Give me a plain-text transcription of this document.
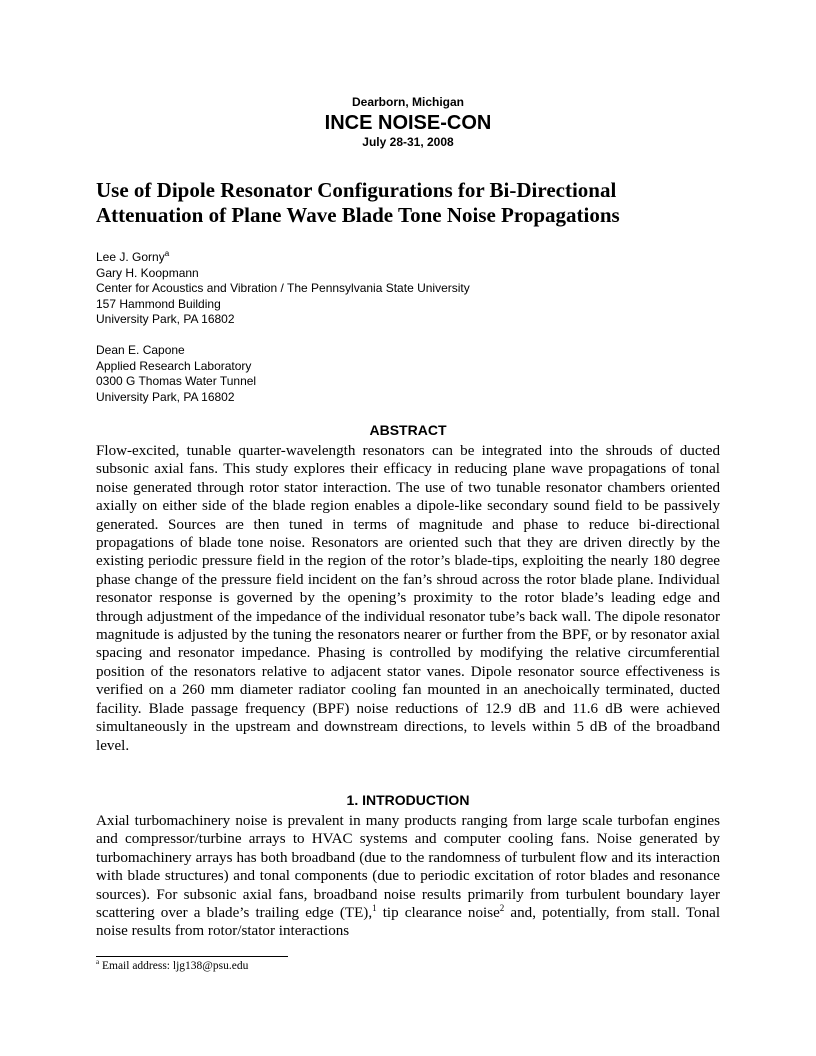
Dearborn, Michigan
INCE NOISE-CON
July 28-31, 2008
Use of Dipole Resonator Configurations for Bi-Directional
Attenuation of Plane Wave Blade Tone Noise Propagations
Lee J. Gorny$^a$
Gary H. Koopmann
Center for Acoustics and Vibration / The Pennsylvania State University
157 Hammond Building
University Park, PA 16802
Dean E. Capone
Applied Research Laboratory
0300 G Thomas Water Tunnel
University Park, PA 16802
ABSTRACT
Flow-excited, tunable quarter-wavelength resonators can be integrated into the shrouds of ducted subsonic axial fans. This study explores their efficacy in reducing plane wave propagations of tonal noise generated through rotor stator interaction. The use of two tunable resonator chambers oriented axially on either side of the blade region enables a dipole-like secondary sound field to be passively generated. Sources are then tuned in terms of magnitude and phase to reduce bi-directional propagations of blade tone noise. Resonators are oriented such that they are driven directly by the existing periodic pressure field in the region of the rotor’s blade-tips, exploiting the nearly 180 degree phase change of the pressure field incident on the fan’s shroud across the rotor blade plane. Individual resonator response is governed by the opening’s proximity to the rotor blade’s leading edge and through adjustment of the impedance of the individual resonator tube’s back wall. The dipole resonator magnitude is adjusted by the tuning the resonators nearer or further from the BPF, or by resonator axial spacing and resonator impedance. Phasing is controlled by modifying the relative circumferential position of the resonators relative to adjacent stator vanes. Dipole resonator source effectiveness is verified on a 260 mm diameter radiator cooling fan mounted in an anechoically terminated, ducted facility. Blade passage frequency (BPF) noise reductions of 12.9 dB and 11.6 dB were achieved simultaneously in the upstream and downstream directions, to levels within 5 dB of the broadband level.
1. INTRODUCTION
Axial turbomachinery noise is prevalent in many products ranging from large scale turbofan engines and compressor/turbine arrays to HVAC systems and computer cooling fans. Noise generated by turbomachinery arrays has both broadband (due to the randomness of turbulent flow and its interaction with blade structures) and tonal components (due to periodic excitation of rotor blades and resonance sources). For subsonic axial fans, broadband noise results primarily from turbulent boundary layer scattering over a blade’s trailing edge (TE),$^1$ tip clearance noise$^2$ and, potentially, from stall. Tonal noise results from rotor/stator interactions
$^a$ Email address: ljg138@psu.edu
